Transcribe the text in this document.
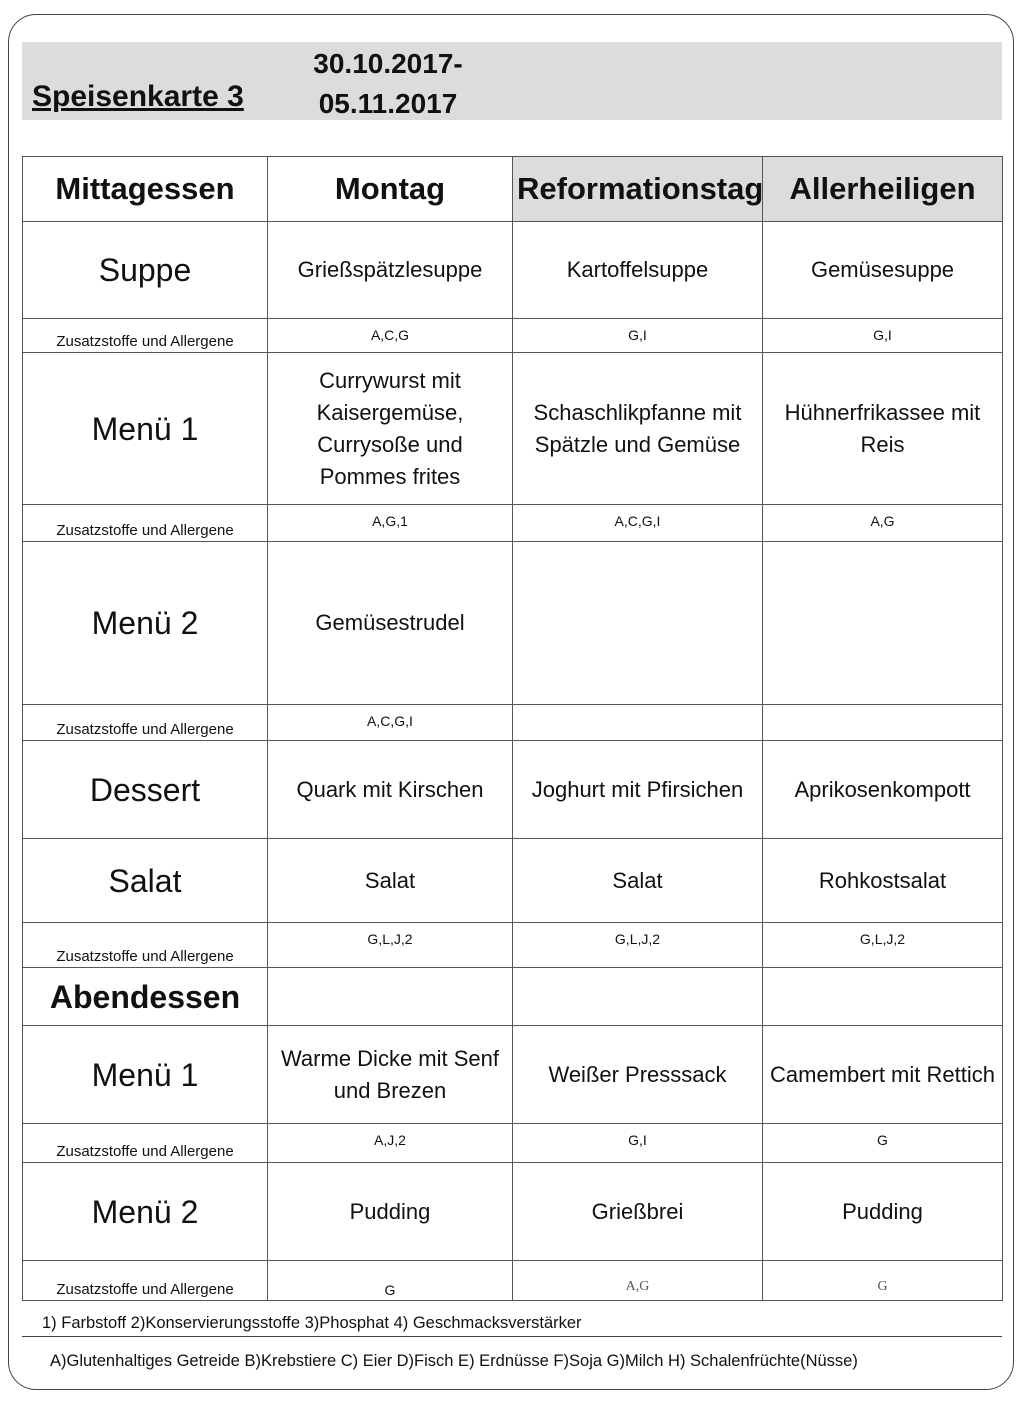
Speisenkarte 3
30.10.2017-
05.11.2017
Mittagessen	Montag	Reformationstag	Allerheiligen
Suppe	Grießspätzlesuppe	Kartoffelsuppe	Gemüsesuppe
Zusatzstoffe und Allergene	A,C,G	G,I	G,I
Menü 1	Currywurst mit Kaisergemüse, Currysoße und Pommes frites	Schaschlikpfanne mit Spätzle und Gemüse	Hühnerfrikassee mit Reis
Zusatzstoffe und Allergene	A,G,1	A,C,G,I	A,G
Menü 2	Gemüsestrudel		
Zusatzstoffe und Allergene	A,C,G,I		
Dessert	Quark mit Kirschen	Joghurt mit Pfirsichen	Aprikosenkompott
Salat	Salat	Salat	Rohkostsalat
Zusatzstoffe und Allergene	G,L,J,2	G,L,J,2	G,L,J,2
Abendessen			
Menü 1	Warme Dicke mit Senf und Brezen	Weißer Presssack	Camembert mit Rettich
Zusatzstoffe und Allergene	A,J,2	G,I	G
Menü 2	Pudding	Grießbrei	Pudding
Zusatzstoffe und Allergene	G	A,G	G
1) Farbstoff 2)Konservierungsstoffe 3)Phosphat 4) Geschmacksverstärker
A)Glutenhaltiges Getreide B)Krebstiere C) Eier D)Fisch E) Erdnüsse F)Soja G)Milch H) Schalenfrüchte(Nüsse)
